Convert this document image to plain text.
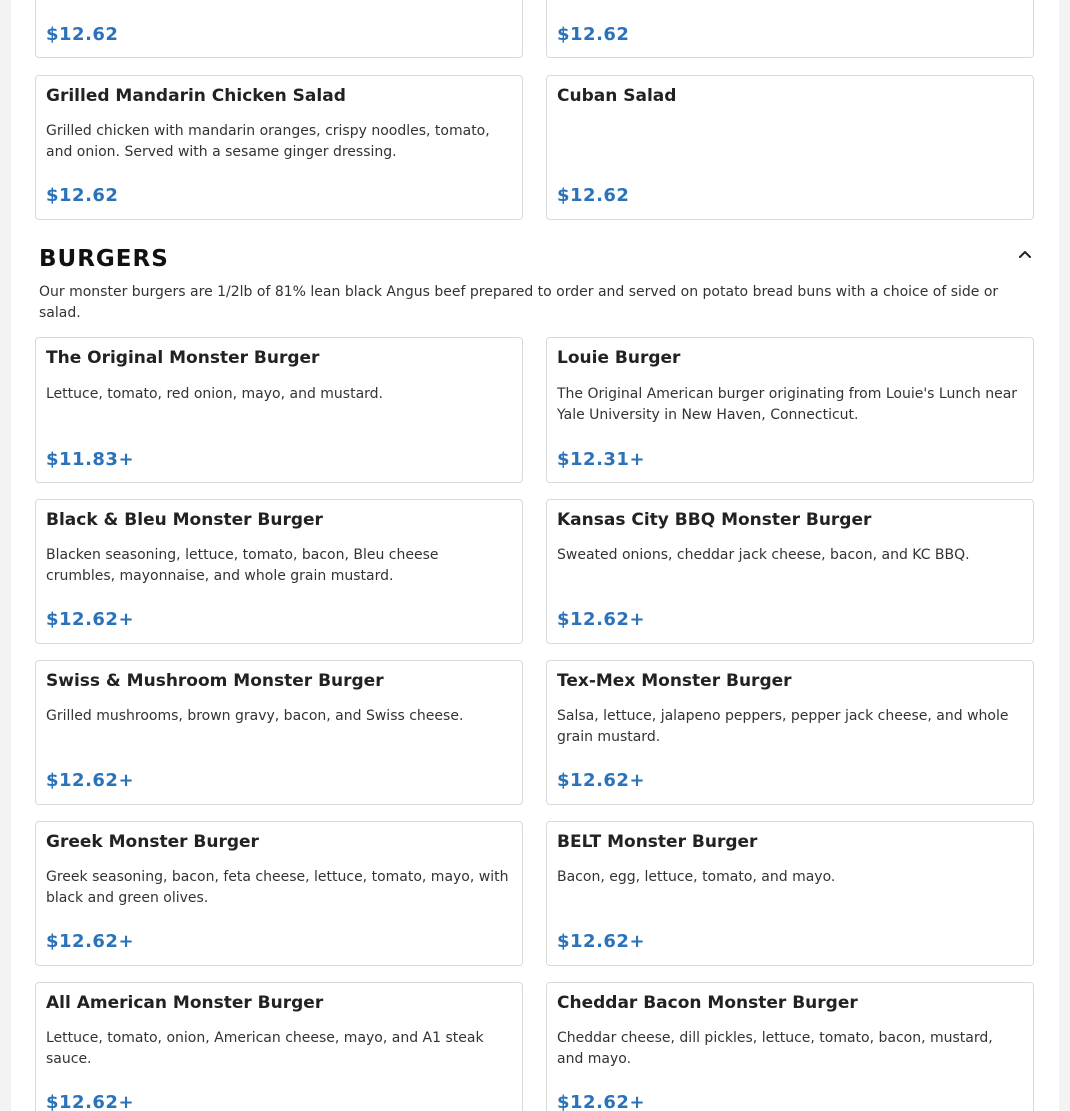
$12.62	$12.62
Grilled Mandarin Chicken Salad
Grilled chicken with mandarin oranges, crispy noodles, tomato, and onion. Served with a sesame ginger dressing.
$12.62
Cuban Salad
$12.62
BURGERS

Our monster burgers are 1/2lb of 81% lean black Angus beef prepared to order and served on potato bread buns with a choice of side or salad.

The Original Monster Burger
Lettuce, tomato, red onion, mayo, and mustard.
$11.83+
Louie Burger
The Original American burger originating from Louie's Lunch near Yale University in New Haven, Connecticut.
$12.31+
Black & Bleu Monster Burger
Blacken seasoning, lettuce, tomato, bacon, Bleu cheese crumbles, mayonnaise, and whole grain mustard.
$12.62+
Kansas City BBQ Monster Burger
Sweated onions, cheddar jack cheese, bacon, and KC BBQ.
$12.62+
Swiss & Mushroom Monster Burger
Grilled mushrooms, brown gravy, bacon, and Swiss cheese.
$12.62+
Tex-Mex Monster Burger
Salsa, lettuce, jalapeno peppers, pepper jack cheese, and whole grain mustard.
$12.62+
Greek Monster Burger
Greek seasoning, bacon, feta cheese, lettuce, tomato, mayo, with black and green olives.
$12.62+
BELT Monster Burger
Bacon, egg, lettuce, tomato, and mayo.
$12.62+
All American Monster Burger
Lettuce, tomato, onion, American cheese, mayo, and A1 steak sauce.
$12.62+
Cheddar Bacon Monster Burger
Cheddar cheese, dill pickles, lettuce, tomato, bacon, mustard, and mayo.
$12.62+
